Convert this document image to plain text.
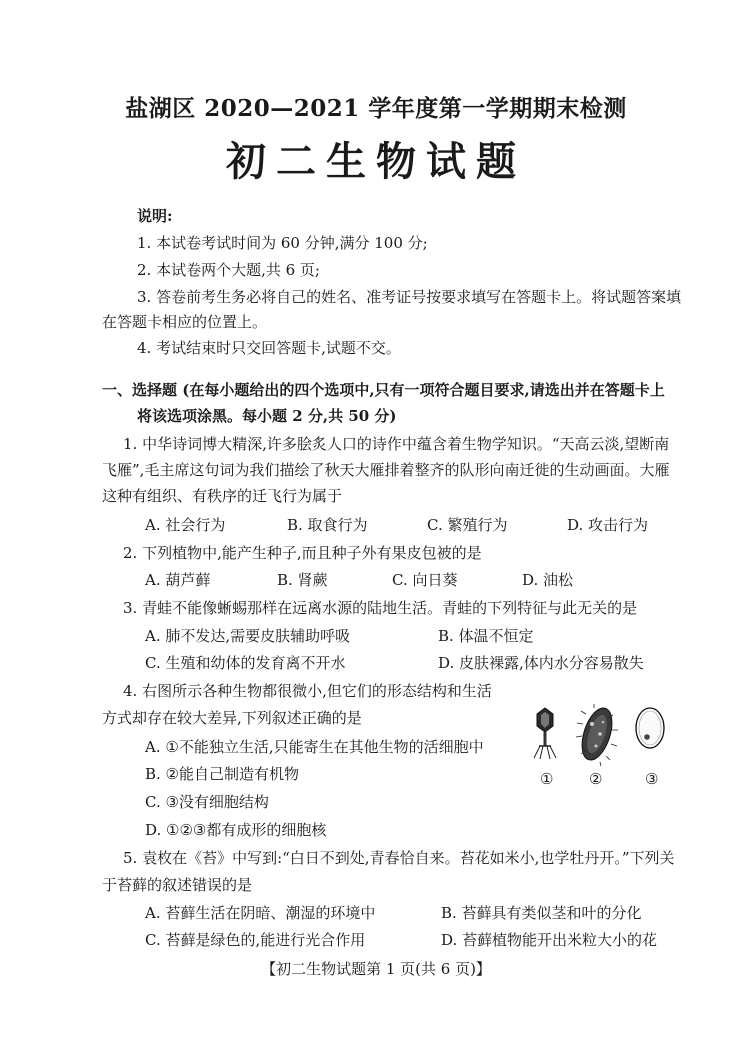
盐湖区 2020—2021 学年度第一学期期末检测
初二生物试题
说明:
1. 本试卷考试时间为 60 分钟,满分 100 分;
2. 本试卷两个大题,共 6 页;
3. 答卷前考生务必将自己的姓名、准考证号按要求填写在答题卡上。将试题答案填
在答题卡相应的位置上。
4. 考试结束时只交回答题卡,试题不交。
一、选择题 (在每小题给出的四个选项中,只有一项符合题目要求,请选出并在答题卡上
将该选项涂黑。每小题 2 分,共 50 分)
1. 中华诗词博大精深,许多脍炙人口的诗作中蕴含着生物学知识。“天高云淡,望断南
飞雁”,毛主席这句词为我们描绘了秋天大雁排着整齐的队形向南迁徙的生动画面。大雁
这种有组织、有秩序的迁飞行为属于
A. 社会行为	B. 取食行为	C. 繁殖行为	D. 攻击行为
2. 下列植物中,能产生种子,而且种子外有果皮包被的是
A. 葫芦藓	B. 肾蕨	C. 向日葵	D. 油松
3. 青蛙不能像蜥蜴那样在远离水源的陆地生活。青蛙的下列特征与此无关的是
A. 肺不发达,需要皮肤辅助呼吸	B. 体温不恒定
C. 生殖和幼体的发育离不开水	D. 皮肤裸露,体内水分容易散失
4. 右图所示各种生物都很微小,但它们的形态结构和生活
方式却存在较大差异,下列叙述正确的是
A. ①不能独立生活,只能寄生在其他生物的活细胞中
B. ②能自己制造有机物
C. ③没有细胞结构
D. ①②③都有成形的细胞核
① ②	③
5. 袁枚在《苔》中写到:“白日不到处,青春恰自来。苔花如米小,也学牡丹开。”下列关
于苔藓的叙述错误的是
A. 苔藓生活在阴暗、潮湿的环境中	B. 苔藓具有类似茎和叶的分化
C. 苔藓是绿色的,能进行光合作用	D. 苔藓植物能开出米粒大小的花
【初二生物试题第 1 页(共 6 页)】
